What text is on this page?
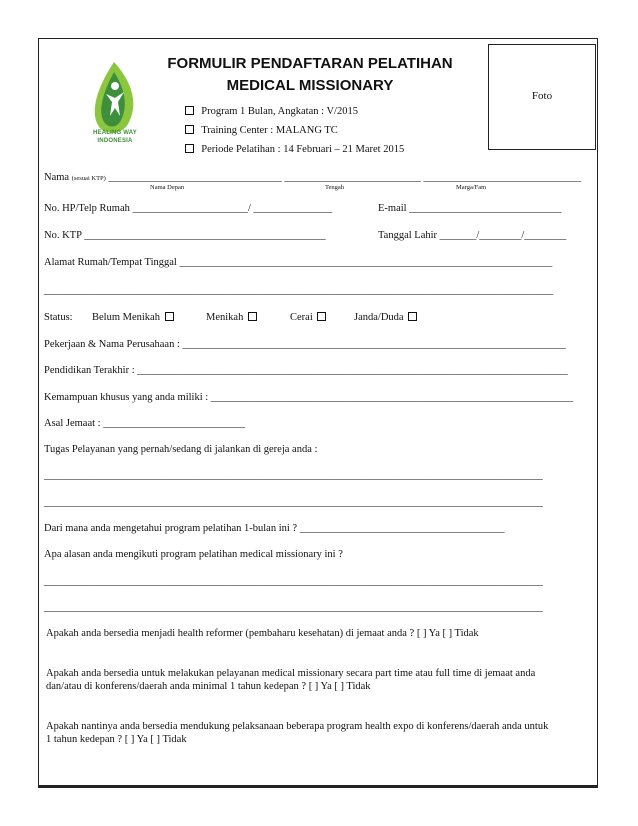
HEALING WAY
INDONESIA
FORMULIR PENDAFTARAN PELATIHAN
MEDICAL MISSIONARY
Foto
Program 1 Bulan, Angkatan : V/2015
Training Center : MALANG TC
Periode Pelatihan : 14 Februari – 21 Maret 2015
Nama (sesuai KTP) _________________________________ __________________________ ______________________________
Nama Depan	Tengah	Marga/Fam
No. HP/Telp Rumah ______________________/ _______________	E-mail _____________________________
No. KTP ______________________________________________	Tanggal Lahir _______/________/________
Alamat Rumah/Tempat Tinggal _______________________________________________________________________
_________________________________________________________________________________________________
Status: Belum Menikah	Menikah	Cerai	Janda/Duda
Pekerjaan & Nama Perusahaan : _________________________________________________________________________
Pendidikan Terakhir : __________________________________________________________________________________
Kemampuan khusus yang anda miliki : _____________________________________________________________________
Asal Jemaat : ___________________________
Tugas Pelayanan yang pernah/sedang di jalankan di gereja anda :
_______________________________________________________________________________________________
_______________________________________________________________________________________________
Dari mana anda mengetahui program pelatihan 1-bulan ini ? _______________________________________
Apa alasan anda mengikuti program pelatihan medical missionary ini ?
_______________________________________________________________________________________________
_______________________________________________________________________________________________
Apakah anda bersedia menjadi health reformer (pembaharu kesehatan) di jemaat anda ? [ ] Ya [ ] Tidak
Apakah anda bersedia untuk melakukan pelayanan medical missionary secara part time atau full time di jemaat anda
dan/atau di konferens/daerah anda minimal 1 tahun kedepan ? [ ] Ya [ ] Tidak
Apakah nantinya anda bersedia mendukung pelaksanaan beberapa program health expo di konferens/daerah anda untuk
1 tahun kedepan ? [ ] Ya [ ] Tidak
